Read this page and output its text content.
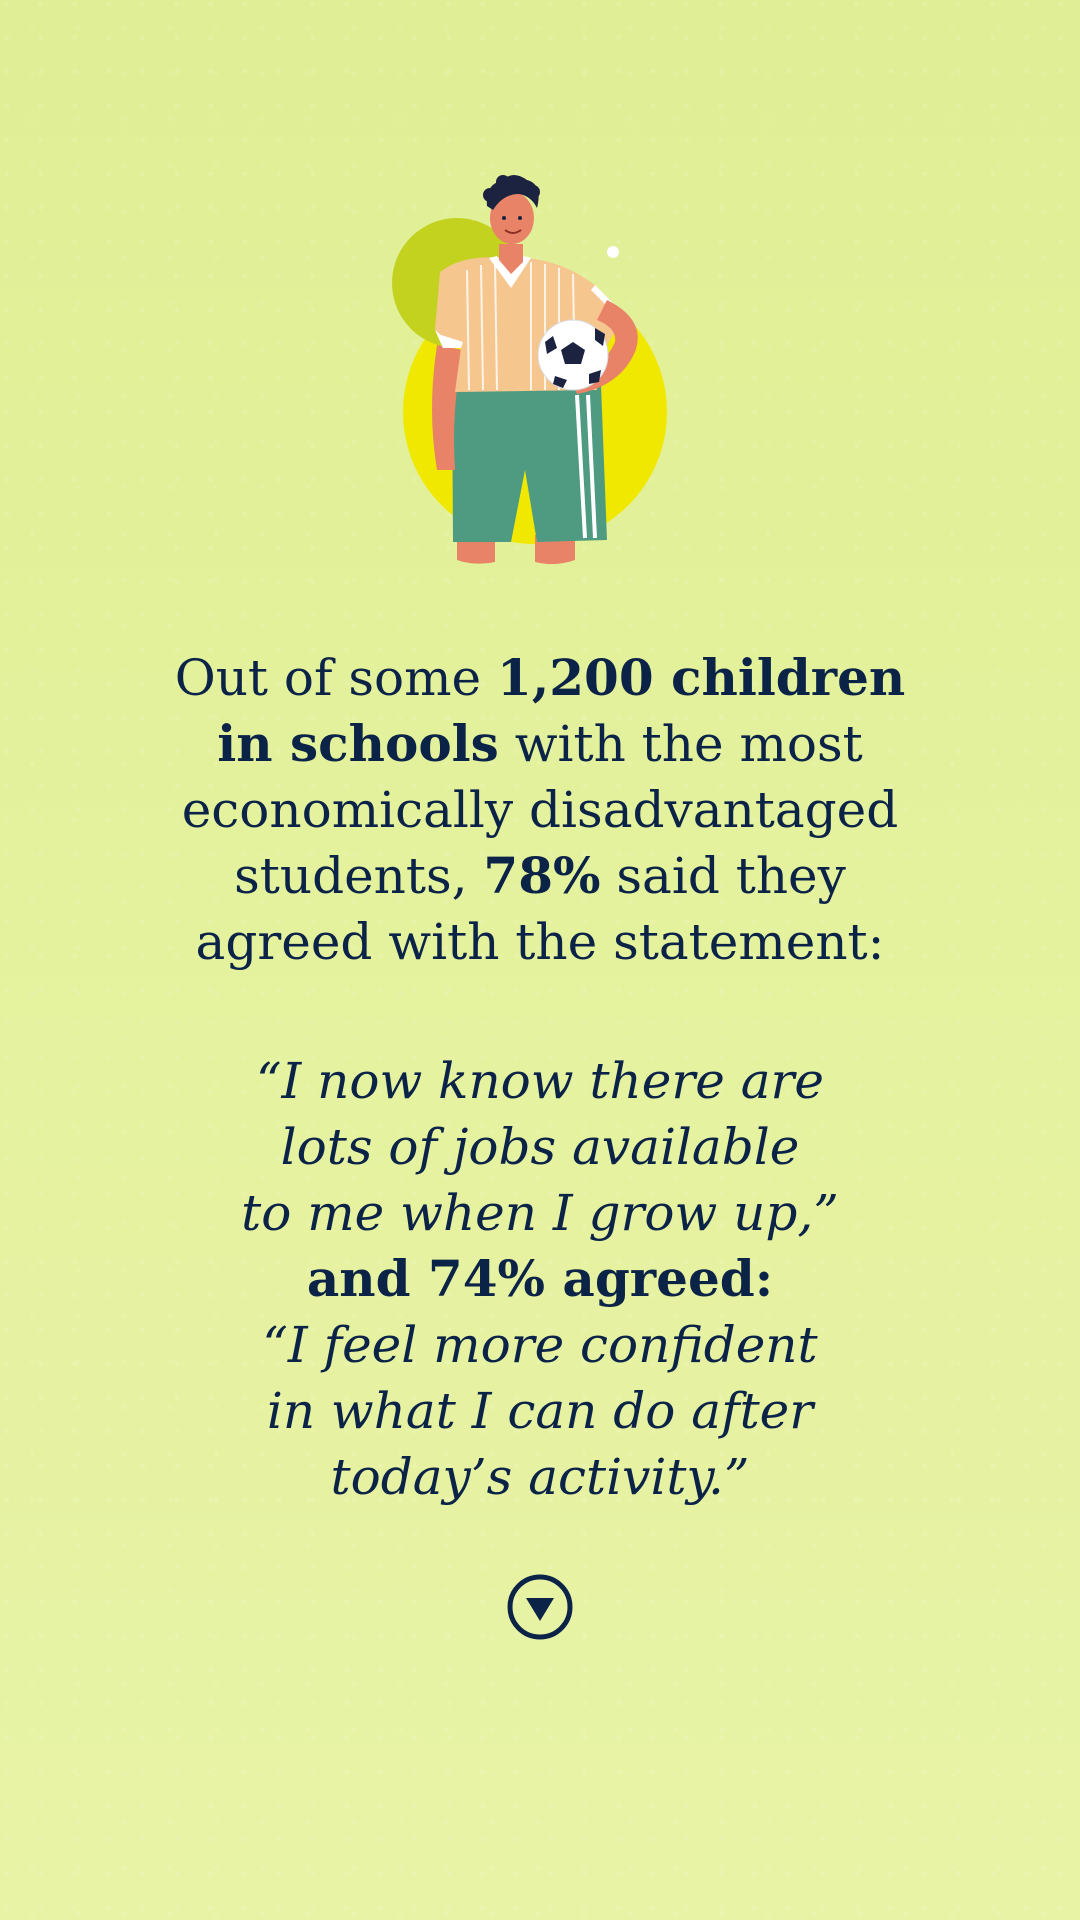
Out of some 1,200 children
in schools with the most
economically disadvantaged
students, 78% said they
agreed with the statement:
“I now know there are
lots of jobs available
to me when I grow up,”
and 74% agreed:
“I feel more confident
in what I can do after
today’s activity.”
